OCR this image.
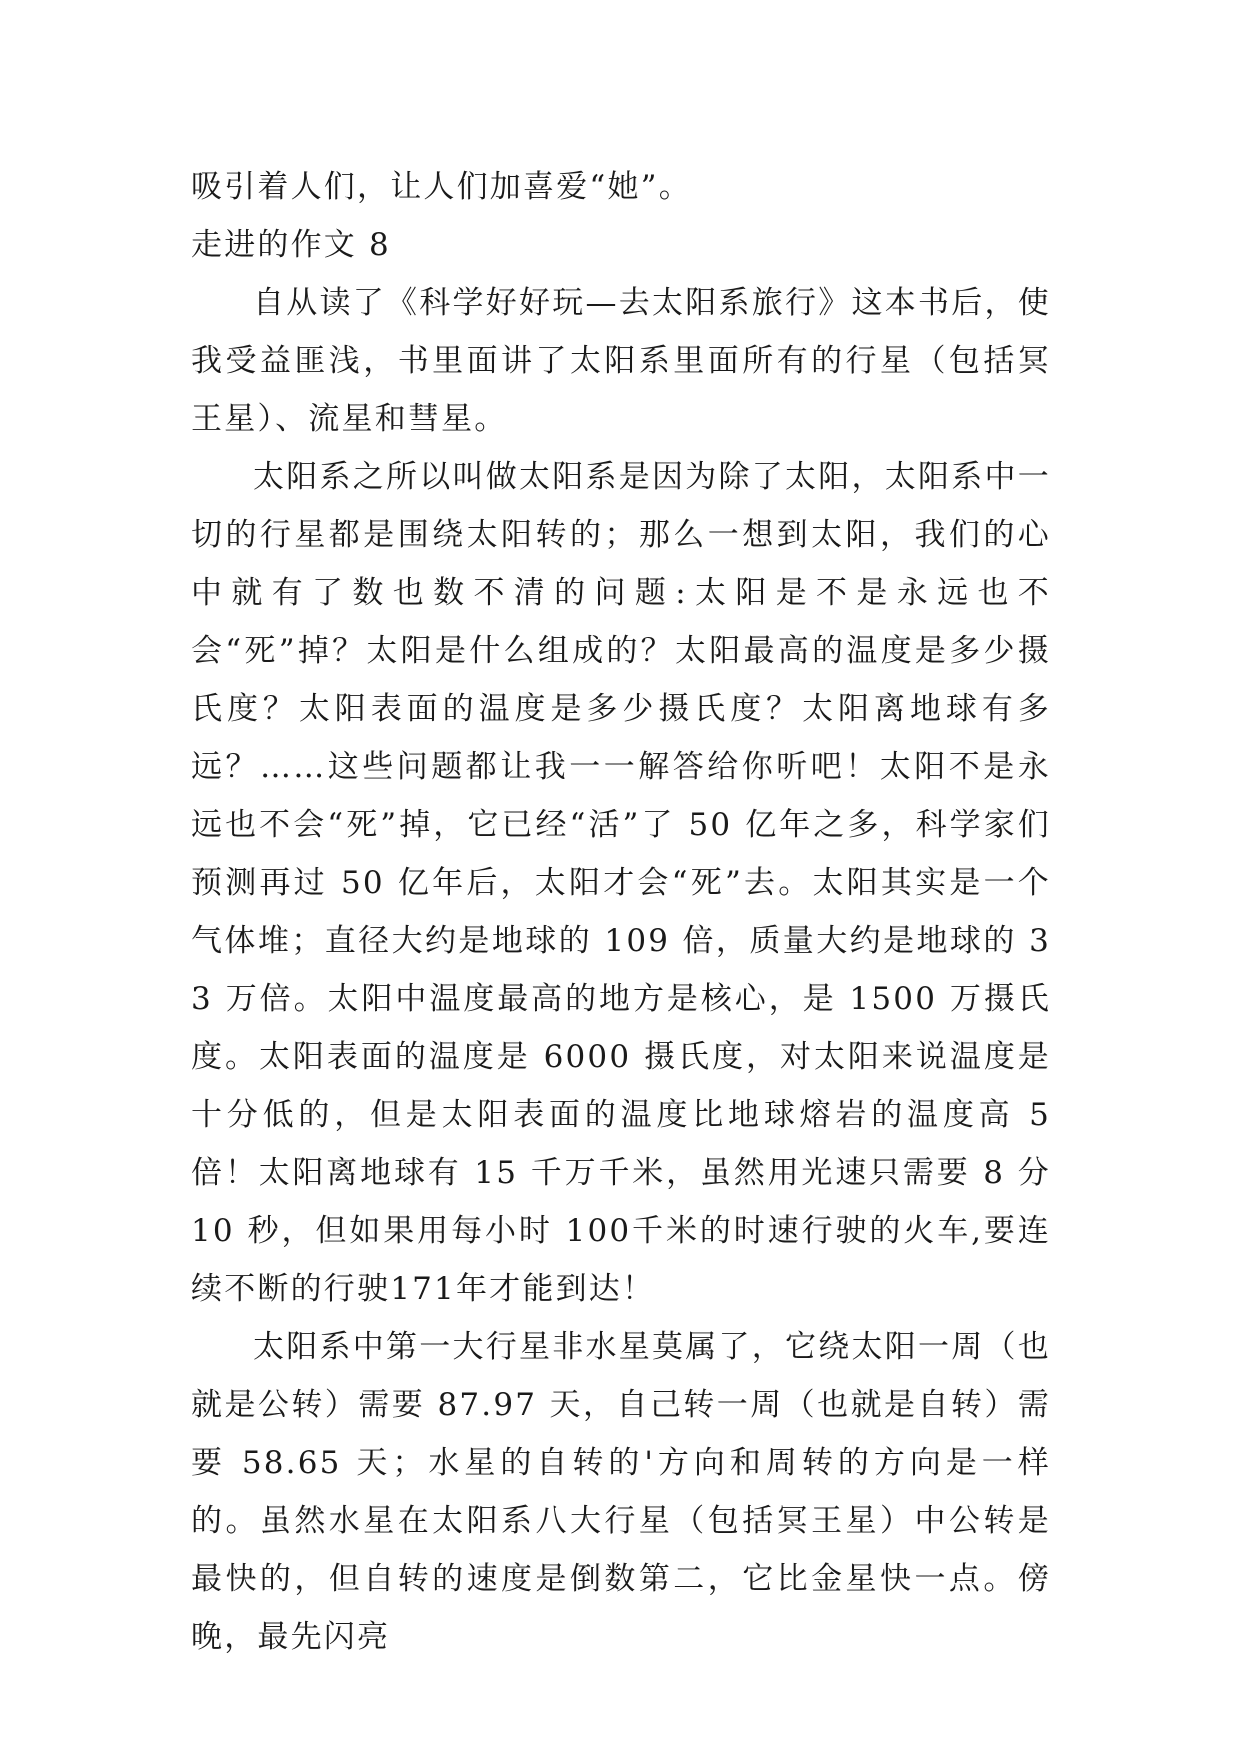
吸引着人们，让人们加喜爱“她”。

走进的作文 8

自从读了《科学好好玩—去太阳系旅行》这本书后，使我受益匪浅，书里面讲了太阳系里面所有的行星（包括冥王星）、流星和彗星。

太阳系之所以叫做太阳系是因为除了太阳，太阳系中一切的行星都是围绕太阳转的；那么一想到太阳，我们的心中就有了数也数不清的问题:太阳是不是永远也不会“死”掉？太阳是什么组成的？太阳最高的温度是多少摄氏度？太阳表面的温度是多少摄氏度？太阳离地球有多远？……这些问题都让我一一解答给你听吧！太阳不是永远也不会“死”掉，它已经“活”了 50 亿年之多，科学家们预测再过 50 亿年后，太阳才会“死”去。太阳其实是一个气体堆；直径大约是地球的 109 倍，质量大约是地球的 33 万倍。太阳中温度最高的地方是核心，是 1500 万摄氏度。太阳表面的温度是 6000 摄氏度，对太阳来说温度是十分低的，但是太阳表面的温度比地球熔岩的温度高 5 倍！太阳离地球有 15 千万千米，虽然用光速只需要 8 分 10 秒，但如果用每小时 100千米的时速行驶的火车,要连续不断的行驶171年才能到达！

太阳系中第一大行星非水星莫属了，它绕太阳一周（也就是公转）需要 87.97 天，自己转一周（也就是自转）需要 58.65 天；水星的自转的'方向和周转的方向是一样的。虽然水星在太阳系八大行星（包括冥王星）中公转是最快的，但自转的速度是倒数第二，它比金星快一点。傍晚，最先闪亮
